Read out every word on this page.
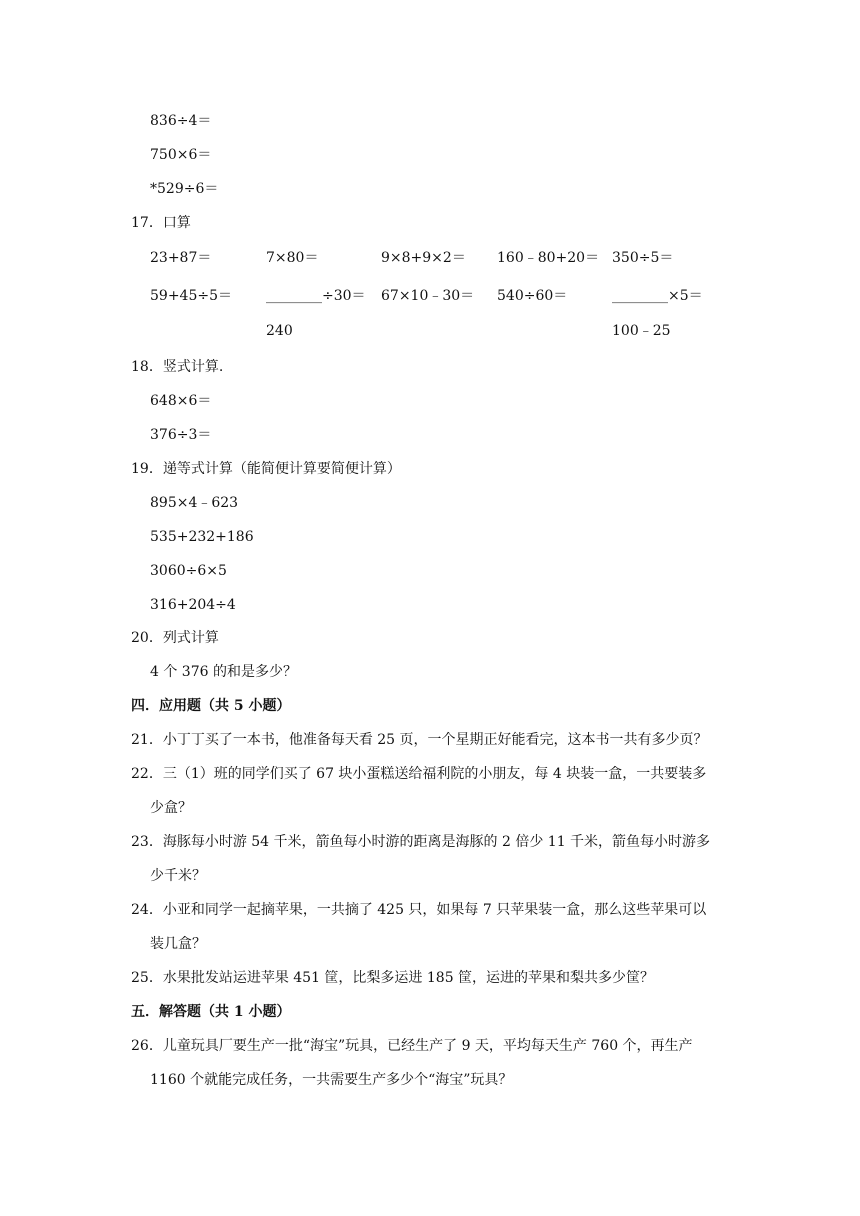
836÷4＝
750×6＝
*529÷6＝
17．口算
23+87＝	7×80＝	9×8+9×2＝ 160﹣80+20＝ 350÷5＝
59+45÷5＝ ________÷30＝ 67×10﹣30＝ 540÷60＝	________×5＝
240	100﹣25
18．竖式计算.
648×6＝
376÷3＝
19．递等式计算（能简便计算要简便计算）
895×4﹣623
535+232+186
3060÷6×5
316+204÷4
20．列式计算
4 个 376 的和是多少？
四．应用题（共 5 小题）
21．小丁丁买了一本书，他准备每天看 25 页，一个星期正好能看完，这本书一共有多少页？
22．三（1）班的同学们买了 67 块小蛋糕送给福利院的小朋友，每 4 块装一盒，一共要装多
少盒？
23．海豚每小时游 54 千米，箭鱼每小时游的距离是海豚的 2 倍少 11 千米，箭鱼每小时游多
少千米？
24．小亚和同学一起摘苹果，一共摘了 425 只，如果每 7 只苹果装一盒，那么这些苹果可以
装几盒？
25．水果批发站运进苹果 451 筐，比梨多运进 185 筐，运进的苹果和梨共多少筐？
五．解答题（共 1 小题）
26．儿童玩具厂要生产一批“海宝”玩具，已经生产了 9 天，平均每天生产 760 个，再生产
1160 个就能完成任务，一共需要生产多少个“海宝”玩具？
